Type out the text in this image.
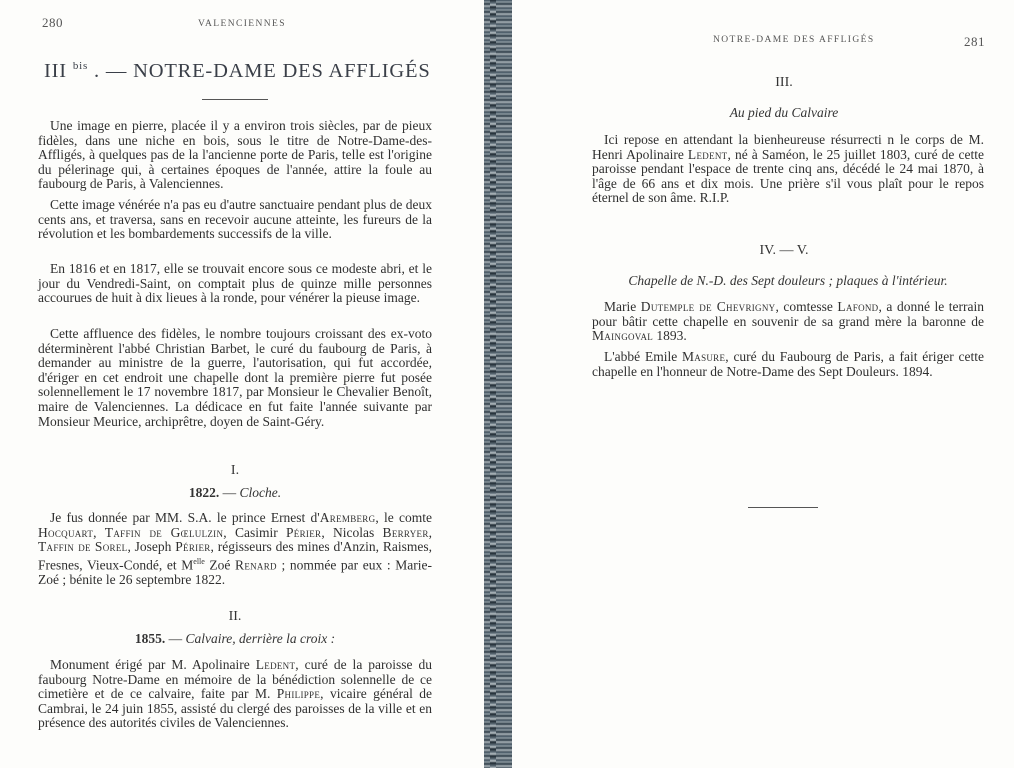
280	VALENCIENNES
III $^{bis}$ . — NOTRE-DAME DES AFFLIGÉS

Une image en pierre, placée il y a environ trois siècles, par de pieux fidèles, dans une niche en bois, sous le titre de Notre-Dame-des-Affligés, à quelques pas de la l'ancienne porte de Paris, telle est l'origine du pélerinage qui, à certaines époques de l'année, attire la foule au faubourg de Paris, à Valenciennes.

Cette image vénérée n'a pas eu d'autre sanctuaire pendant plus de deux cents ans, et traversa, sans en recevoir aucune atteinte, les fureurs de la révolution et les bombardements successifs de la ville.

En 1816 et en 1817, elle se trouvait encore sous ce modeste abri, et le jour du Vendredi-Saint, on comptait plus de quinze mille personnes accourues de huit à dix lieues à la ronde, pour vénérer la pieuse image.

Cette affluence des fidèles, le nombre toujours croissant des ex-voto déterminèrent l'abbé Christian Barbet, le curé du faubourg de Paris, à demander au ministre de la guerre, l'autorisation, qui fut accordée, d'ériger en cet endroit une chapelle dont la première pierre fut posée solennellement le 17 novembre 1817, par Monsieur le Chevalier Benoît, maire de Valenciennes. La dédicace en fut faite l'année suivante par Monsieur Meurice, archiprêtre, doyen de Saint-Géry.

I.

1822. — Cloche.

Je fus donnée par MM. S.A. le prince Ernest d'Aremberg, le comte Hocquart, Taffin de Gœlulzin, Casimir Périer, Nicolas Berryer, Taffin de Sorel, Joseph Périer, régisseurs des mines d'Anzin, Raismes, Fresnes, Vieux-Condé, et $M^{elle}$ Zoé Renard ; nommée par eux : Marie-Zoé ; bénite le 26 septembre 1822.

II.

1855. — Calvaire, derrière la croix :

Monument érigé par M. Apolinaire Ledent, curé de la paroisse du faubourg Notre-Dame en mémoire de la bénédiction solennelle de ce cimetière et de ce calvaire, faite par M. Philippe, vicaire général de Cambrai, le 24 juin 1855, assisté du clergé des paroisses de la ville et en présence des autorités civiles de Valenciennes.

NOTRE-DAME DES AFFLIGÉS	281

III.

Au pied du Calvaire

Ici repose en attendant la bienheureuse résurrecti n le corps de M. Henri Apolinaire Ledent, né à Saméon, le 25 juillet 1803, curé de cette paroisse pendant l'espace de trente cinq ans, décédé le 24 mai 1870, à l'âge de 66 ans et dix mois. Une prière s'il vous plaît pour le repos éternel de son âme. R.I.P.

IV. — V.

Chapelle de N.-D. des Sept douleurs ; plaques à l'intérieur.

Marie Dutemple de Chevrigny, comtesse Lafond, a donné le terrain pour bâtir cette chapelle en souvenir de sa grand mère la baronne de Maingoval 1893.

L'abbé Emile Masure, curé du Faubourg de Paris, a fait ériger cette chapelle en l'honneur de Notre-Dame des Sept Douleurs. 1894.
